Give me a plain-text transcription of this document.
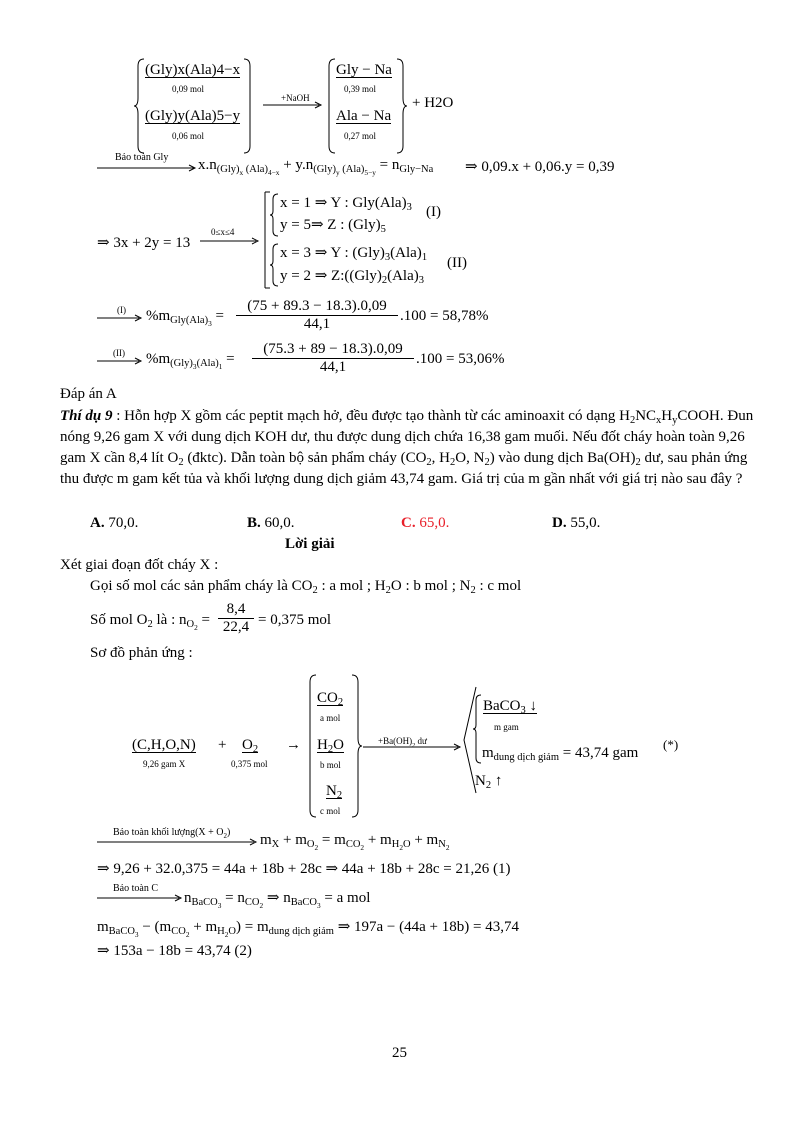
(Gly)x(Ala)4−x
0,09 mol
(Gly)y(Ala)5−y
0,06 mol
+NaOH
Gly − Na
0,39 mol
Ala − Na
0,27 mol
+ H2O
Bảo toàn Gly $x.n_{(Gly)_x (Ala)_{4-x}} + y.n_{(Gly)_y (Ala)_{5-y}} = n_{Gly-Na}$ ⇒ 0,09.x + 0,06.y = 0,39
⇒ 3x + 2y = 13
0≤x≤4
x = 1 ⇒ Y : $Gly(Ala)_3$
y = 5⇒ Z : $(Gly)_5$
(I)
x = 3 ⇒ Y : $(Gly)_3(Ala)_1$
y = 2 ⇒ $Z:((Gly)_2(Ala)_3$
(II)
(I) $\%m_{Gly(Ala)_3} = \frac{(75 + 89.3 - 18.3).0,09}{44,1} .100 = 58,78\%$
(II) $\%m_{(Gly)_3(Ala)_1} = \frac{(75.3 + 89 - 18.3).0,09}{44,1} .100 = 53,06\%$
Đáp án A
Thí dụ 9 : Hỗn hợp X gồm các peptit mạch hở, đều được tạo thành từ các aminoaxit có dạng $H_2NC_xH_yCOOH$. Đun nóng 9,26 gam X với dung dịch KOH dư, thu được dung dịch chứa 16,38 gam muối. Nếu đốt cháy hoàn toàn 9,26 gam X cần 8,4 lít $O_2$ (đktc). Dẫn toàn bộ sản phẩm cháy ($CO_2$, $H_2O$, $N_2$) vào dung dịch $Ba(OH)_2$ dư, sau phản ứng thu được m gam kết tủa và khối lượng dung dịch giảm 43,74 gam. Giá trị của m gần nhất với giá trị nào sau đây ?
A. 70,0.	B. 60,0.	C. 65,0.	D. 55,0.
Lời giải
Xét giai đoạn đốt cháy X :
Gọi số mol các sản phẩm cháy là $CO_2$ : a mol ; $H_2O$ : b mol ; $N_2$ : c mol
Số mol $O_2$ là : $n_{O_2} = \frac{8,4}{22,4} = 0,375$ mol
Sơ đồ phản ứng :
(C,H,O,N)
9,26 gam X
+ $O_2$
0,375 mol
→
$CO_2$
a mol
$H_2O$
b mol
$N_2$
c mol
$+Ba(OH)_2$ dư
BaCO$_3$ ↓
m gam
$m_{dung dịch giảm} = 43,74$ gam
(*)
$N_2$ ↑
Bảo toàn khối lượng(X + $O_2$) $m_X + m_{O_2} = m_{CO_2} + m_{H_2O} + m_{N_2}$
⇒ 9,26 + 32.0,375 = 44a + 18b + 28c ⇒ 44a + 18b + 28c = 21,26 (1)
Bảo toàn C
$n_{BaCO_3} = n_{CO_2}$ ⇒ $n_{BaCO_3} = a$ mol
$m_{BaCO_3} - (m_{CO_2} + m_{H_2O}) = m_{dung dịch giảm}$ ⇒ 197a − (44a + 18b) = 43,74
⇒ 153a − 18b = 43,74 (2)
25
